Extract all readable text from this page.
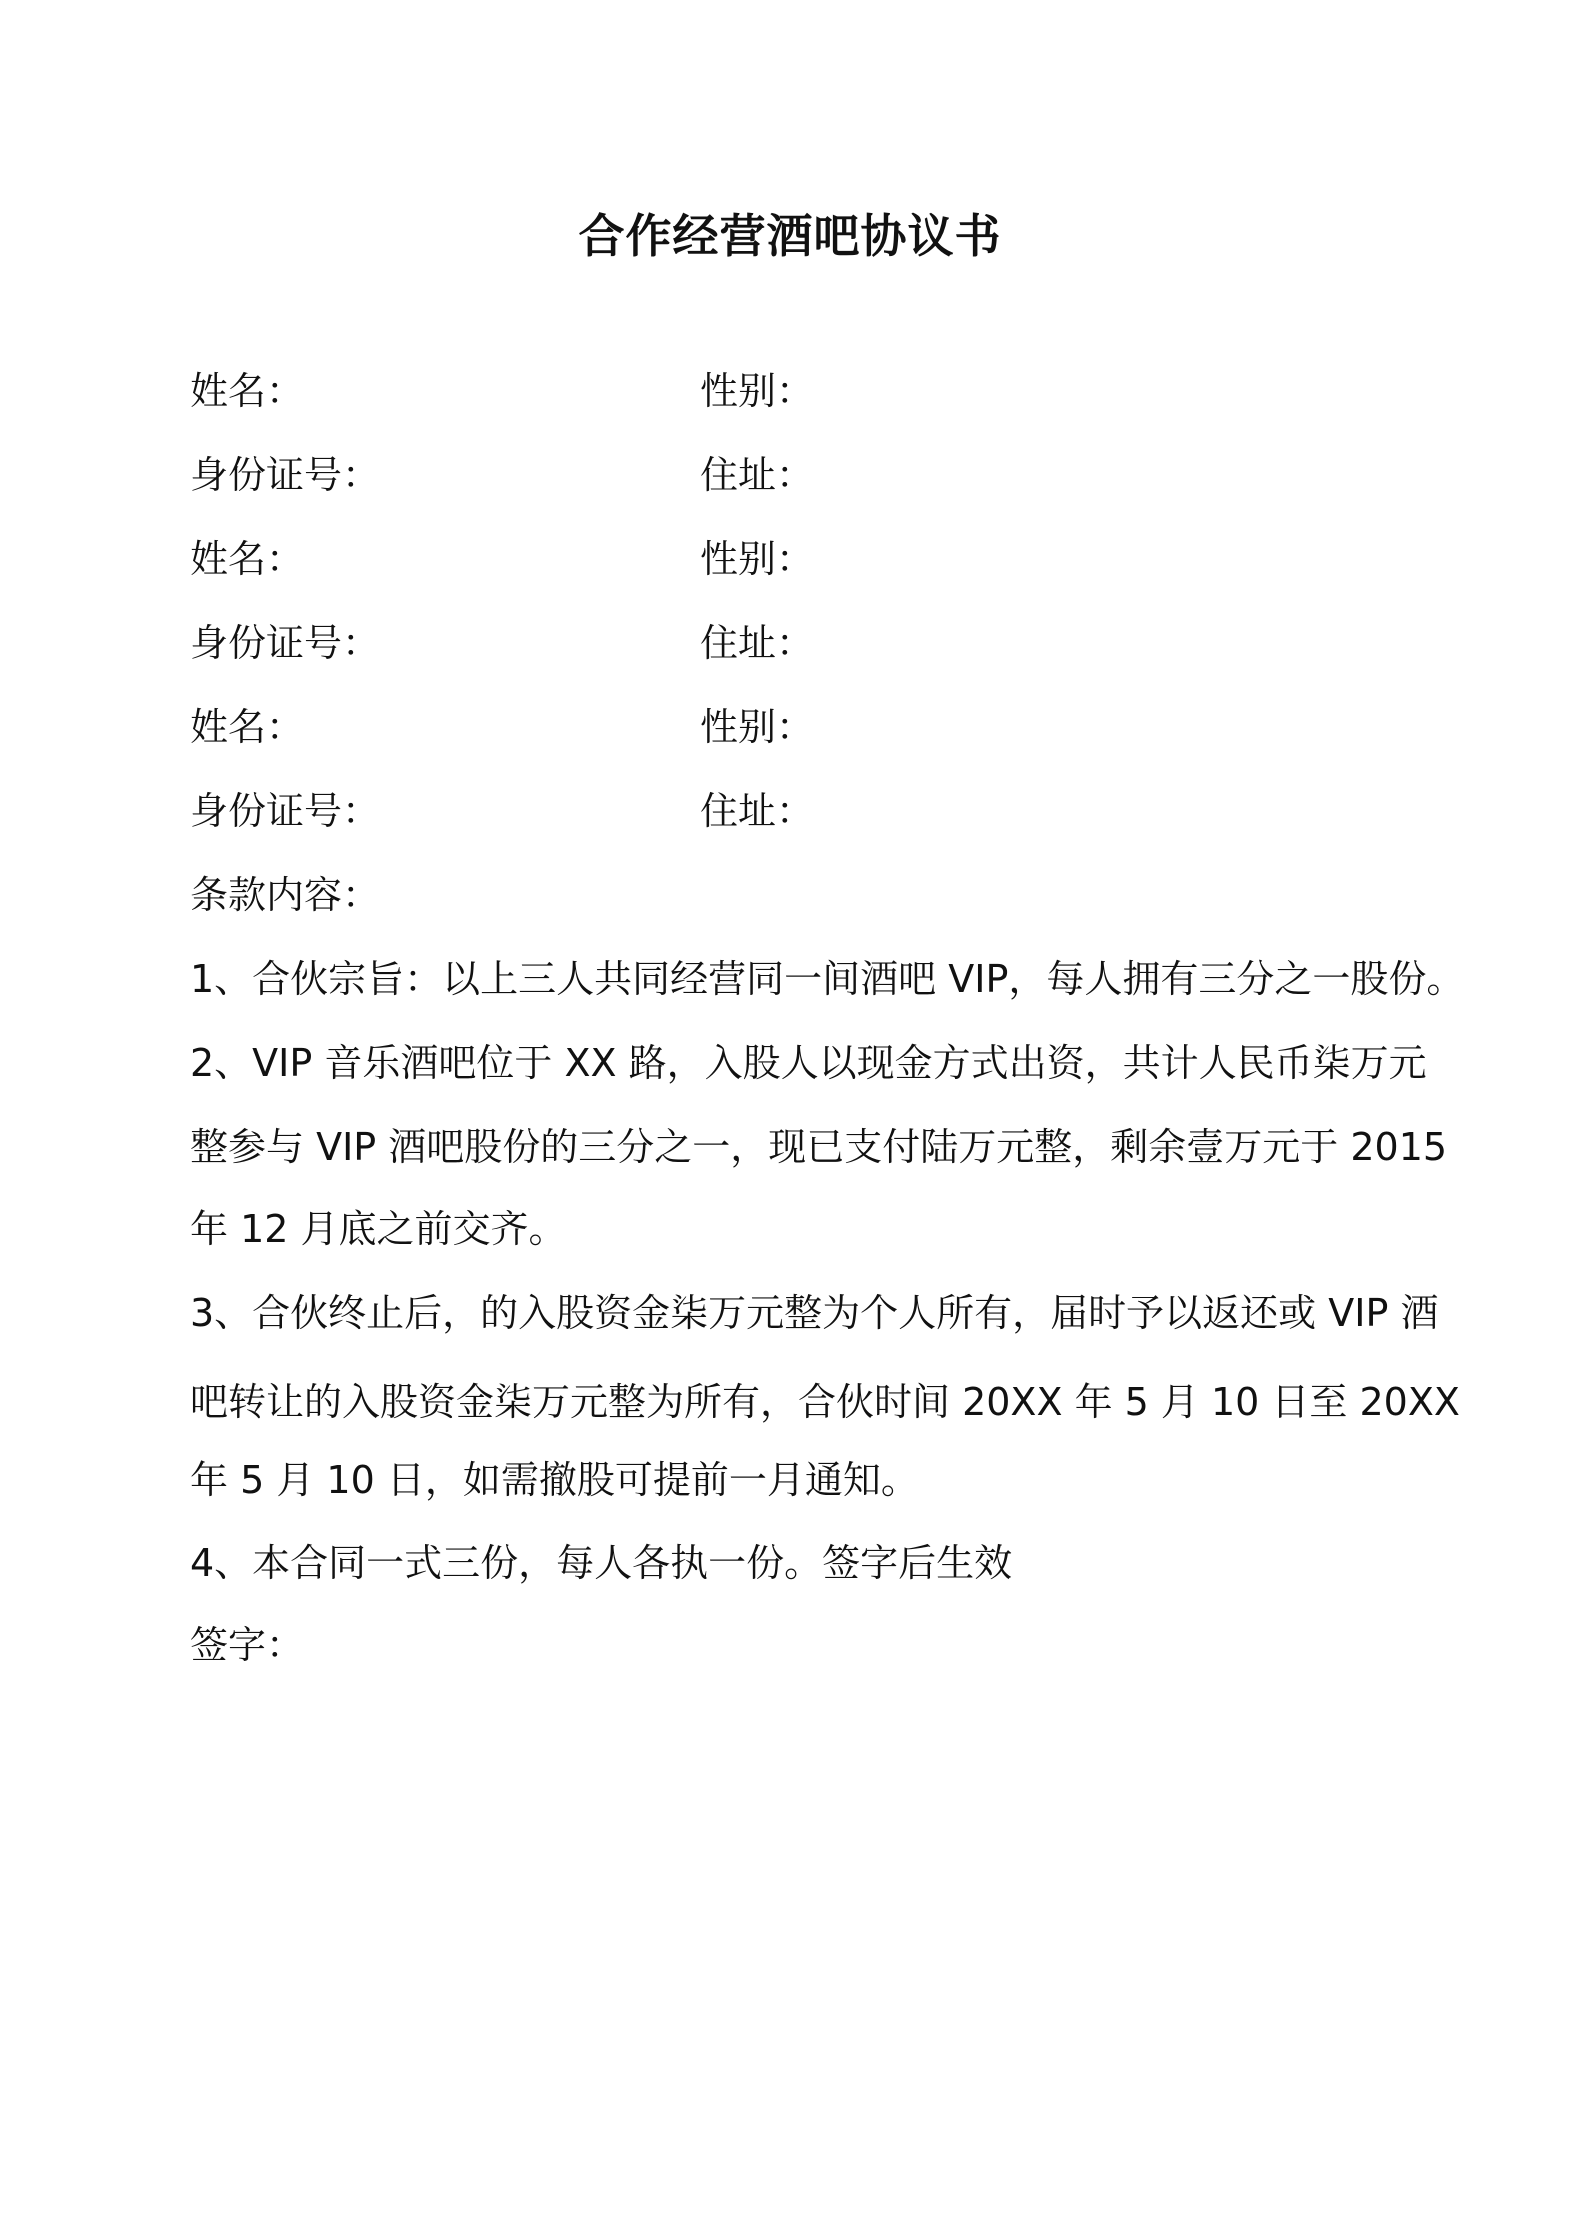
合作经营酒吧协议书
姓名：	性别：
身份证号：	住址：
姓名：	性别：
身份证号：	住址：
姓名：	性别：
身份证号：	住址：
条款内容：
1、合伙宗旨：以上三人共同经营同一间酒吧 VIP，每人拥有三分之一股份。
2、VIP 音乐酒吧位于 XX 路，入股人以现金方式出资，共计人民币柒万元
整参与 VIP 酒吧股份的三分之一，现已支付陆万元整，剩余壹万元于 2015
年 12 月底之前交齐。
3、合伙终止后，的入股资金柒万元整为个人所有，届时予以返还或 VIP 酒
吧转让的入股资金柒万元整为所有，合伙时间 20XX 年 5 月 10 日至 20XX
年 5 月 10 日，如需撤股可提前一月通知。
4、本合同一式三份，每人各执一份。签字后生效
签字：
